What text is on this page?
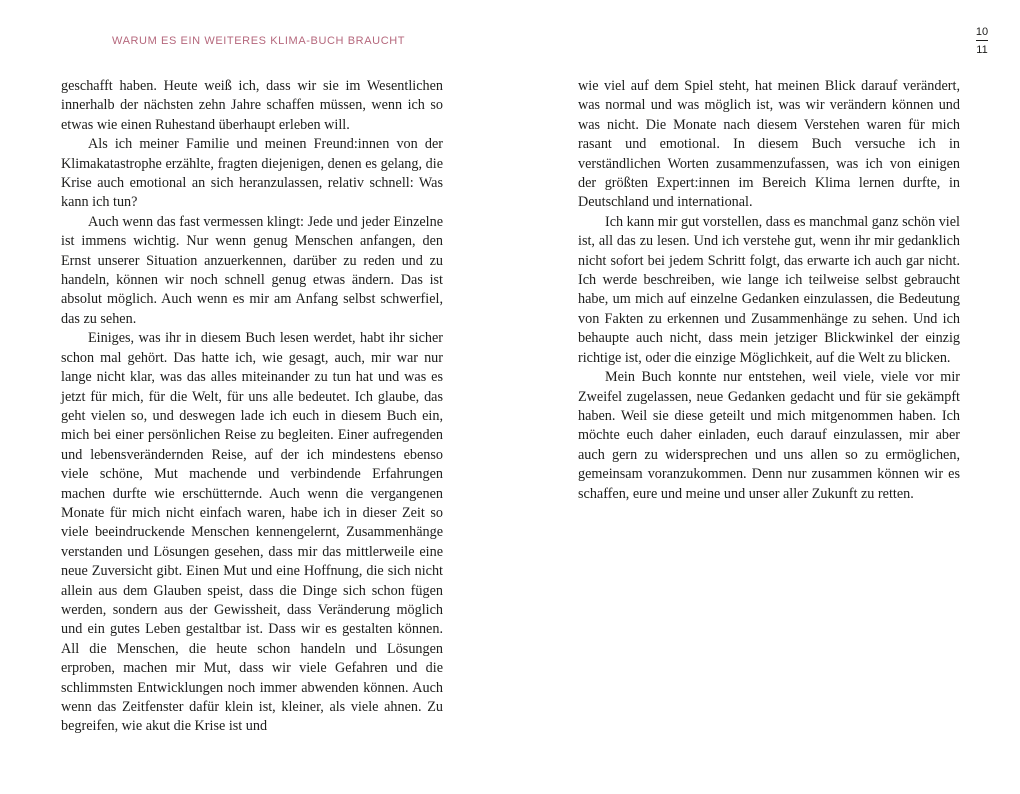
WARUM ES EIN WEITERES KLIMA-BUCH BRAUCHT
10
11

geschafft haben. Heute weiß ich, dass wir sie im Wesentlichen innerhalb der nächsten zehn Jahre schaffen müssen, wenn ich so etwas wie einen Ruhestand überhaupt erleben will.

Als ich meiner Familie und meinen Freund:innen von der Klimakatastrophe erzählte, fragten diejenigen, denen es gelang, die Krise auch emotional an sich heranzulassen, relativ schnell: Was kann ich tun?

Auch wenn das fast vermessen klingt: Jede und jeder Einzelne ist immens wichtig. Nur wenn genug Menschen anfangen, den Ernst unserer Situation anzuerkennen, darüber zu reden und zu handeln, können wir noch schnell genug etwas ändern. Das ist absolut möglich. Auch wenn es mir am Anfang selbst schwerfiel, das zu sehen.

Einiges, was ihr in diesem Buch lesen werdet, habt ihr sicher schon mal gehört. Das hatte ich, wie gesagt, auch, mir war nur lange nicht klar, was das alles miteinander zu tun hat und was es jetzt für mich, für die Welt, für uns alle bedeutet. Ich glaube, das geht vielen so, und deswegen lade ich euch in diesem Buch ein, mich bei einer persönlichen Reise zu begleiten. Einer aufregenden und lebensverändernden Reise, auf der ich mindestens ebenso viele schöne, Mut machende und verbindende Erfahrungen machen durfte wie erschütternde. Auch wenn die vergangenen Monate für mich nicht einfach waren, habe ich in dieser Zeit so viele beeindruckende Menschen kennengelernt, Zusammenhänge verstanden und Lösungen gesehen, dass mir das mittlerweile eine neue Zuversicht gibt. Einen Mut und eine Hoffnung, die sich nicht allein aus dem Glauben speist, dass die Dinge sich schon fügen werden, sondern aus der Gewissheit, dass Veränderung möglich und ein gutes Leben gestaltbar ist. Dass wir es gestalten können. All die Menschen, die heute schon handeln und Lösungen erproben, machen mir Mut, dass wir viele Gefahren und die schlimmsten Entwicklungen noch immer abwenden können. Auch wenn das Zeitfenster dafür klein ist, kleiner, als viele ahnen. Zu begreifen, wie akut die Krise ist und

wie viel auf dem Spiel steht, hat meinen Blick darauf verändert, was normal und was möglich ist, was wir verändern können und was nicht. Die Monate nach diesem Verstehen waren für mich rasant und emotional. In diesem Buch versuche ich in verständlichen Worten zusammenzufassen, was ich von einigen der größten Expert:innen im Bereich Klima lernen durfte, in Deutschland und international.

Ich kann mir gut vorstellen, dass es manchmal ganz schön viel ist, all das zu lesen. Und ich verstehe gut, wenn ihr mir gedanklich nicht sofort bei jedem Schritt folgt, das erwarte ich auch gar nicht. Ich werde beschreiben, wie lange ich teilweise selbst gebraucht habe, um mich auf einzelne Gedanken einzulassen, die Bedeutung von Fakten zu erkennen und Zusammenhänge zu sehen. Und ich behaupte auch nicht, dass mein jetziger Blickwinkel der einzig richtige ist, oder die einzige Möglichkeit, auf die Welt zu blicken.

Mein Buch konnte nur entstehen, weil viele, viele vor mir Zweifel zugelassen, neue Gedanken gedacht und für sie gekämpft haben. Weil sie diese geteilt und mich mitgenommen haben. Ich möchte euch daher einladen, euch darauf einzulassen, mir aber auch gern zu widersprechen und uns allen so zu ermöglichen, gemeinsam voranzukommen. Denn nur zusammen können wir es schaffen, eure und meine und unser aller Zukunft zu retten.
